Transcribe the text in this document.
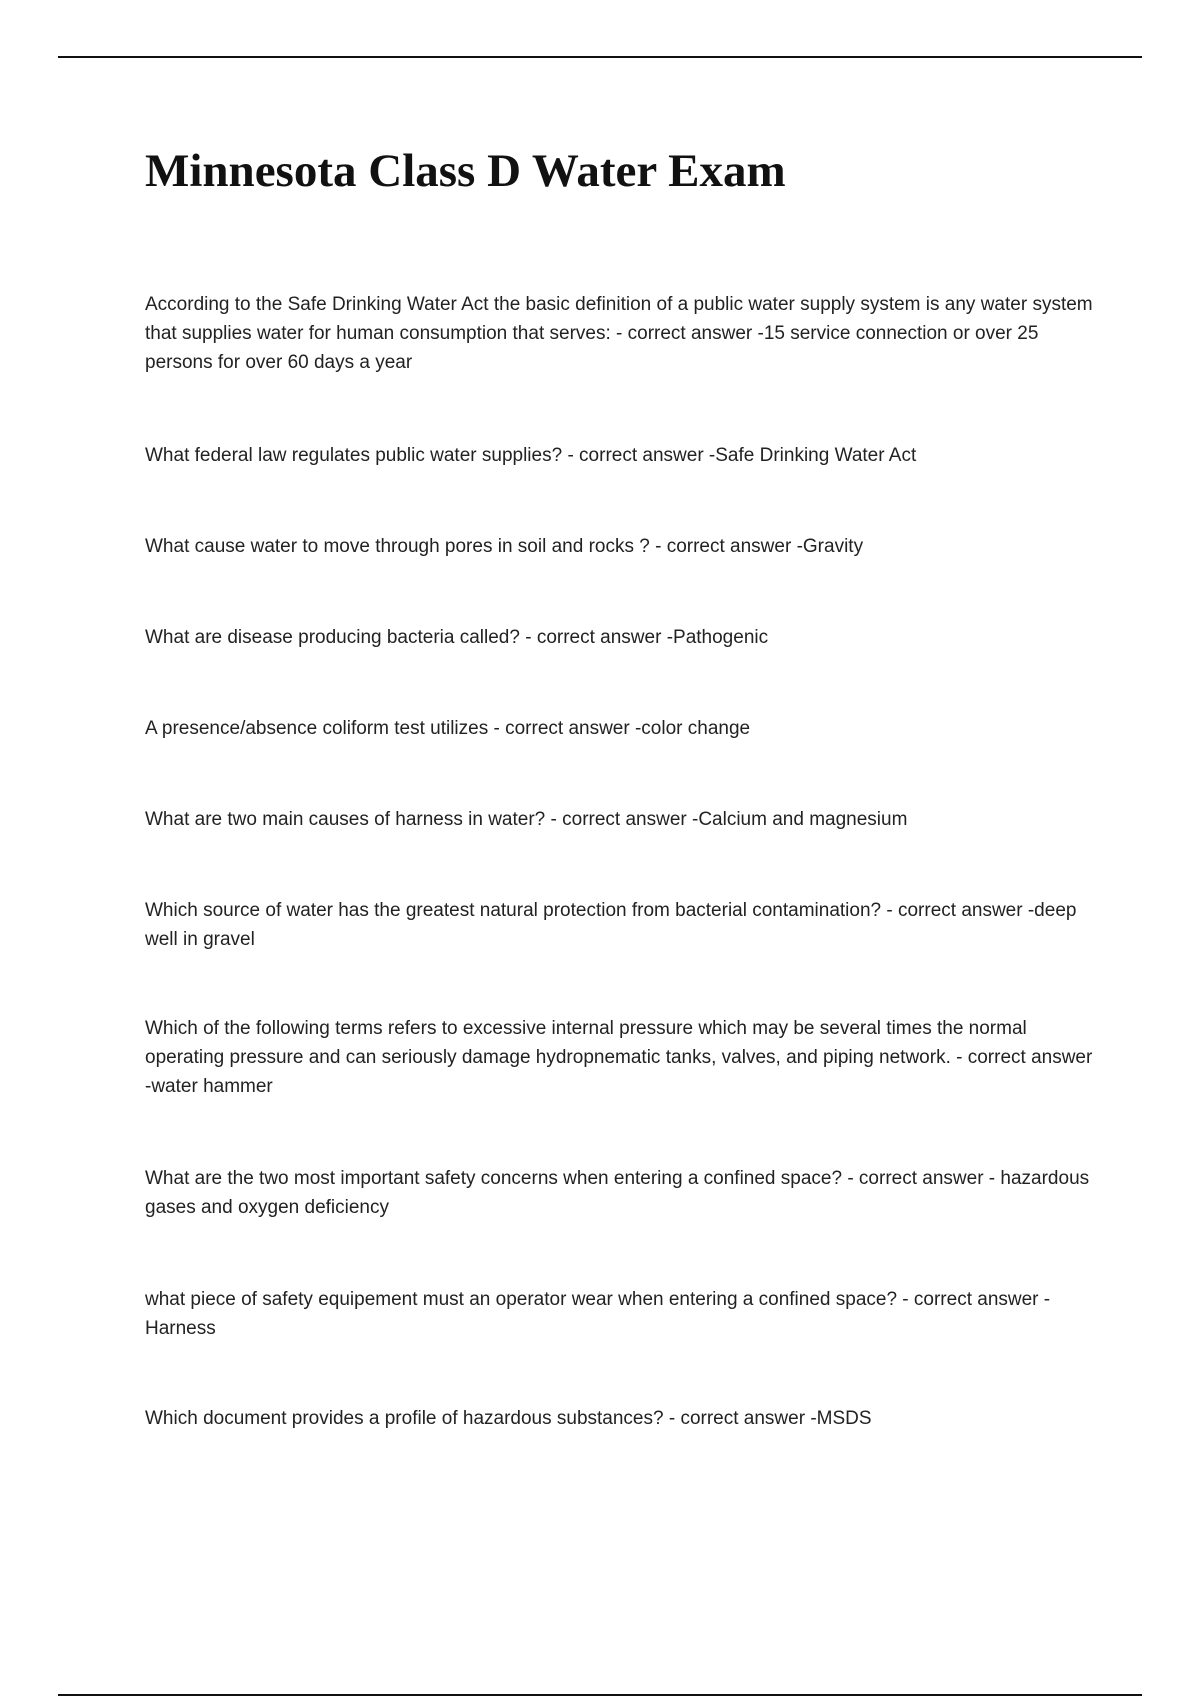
Minnesota Class D Water Exam

According to the Safe Drinking Water Act the basic definition of a public water supply system is any water system that supplies water for human consumption that serves: - correct answer -15 service connection or over 25 persons for over 60 days a year

What federal law regulates public water supplies? - correct answer -Safe Drinking Water Act

What cause water to move through pores in soil and rocks ? - correct answer -Gravity

What are disease producing bacteria called? - correct answer -Pathogenic

A presence/absence coliform test utilizes - correct answer -color change

What are two main causes of harness in water? - correct answer -Calcium and magnesium

Which source of water has the greatest natural protection from bacterial contamination? - correct answer -deep well in gravel

Which of the following terms refers to excessive internal pressure which may be several times the normal operating pressure and can seriously damage hydropnematic tanks, valves, and piping network. - correct answer -water hammer

What are the two most important safety concerns when entering a confined space? - correct answer - hazardous gases and oxygen deficiency

what piece of safety equipement must an operator wear when entering a confined space? - correct answer -Harness

Which document provides a profile of hazardous substances? - correct answer -MSDS
